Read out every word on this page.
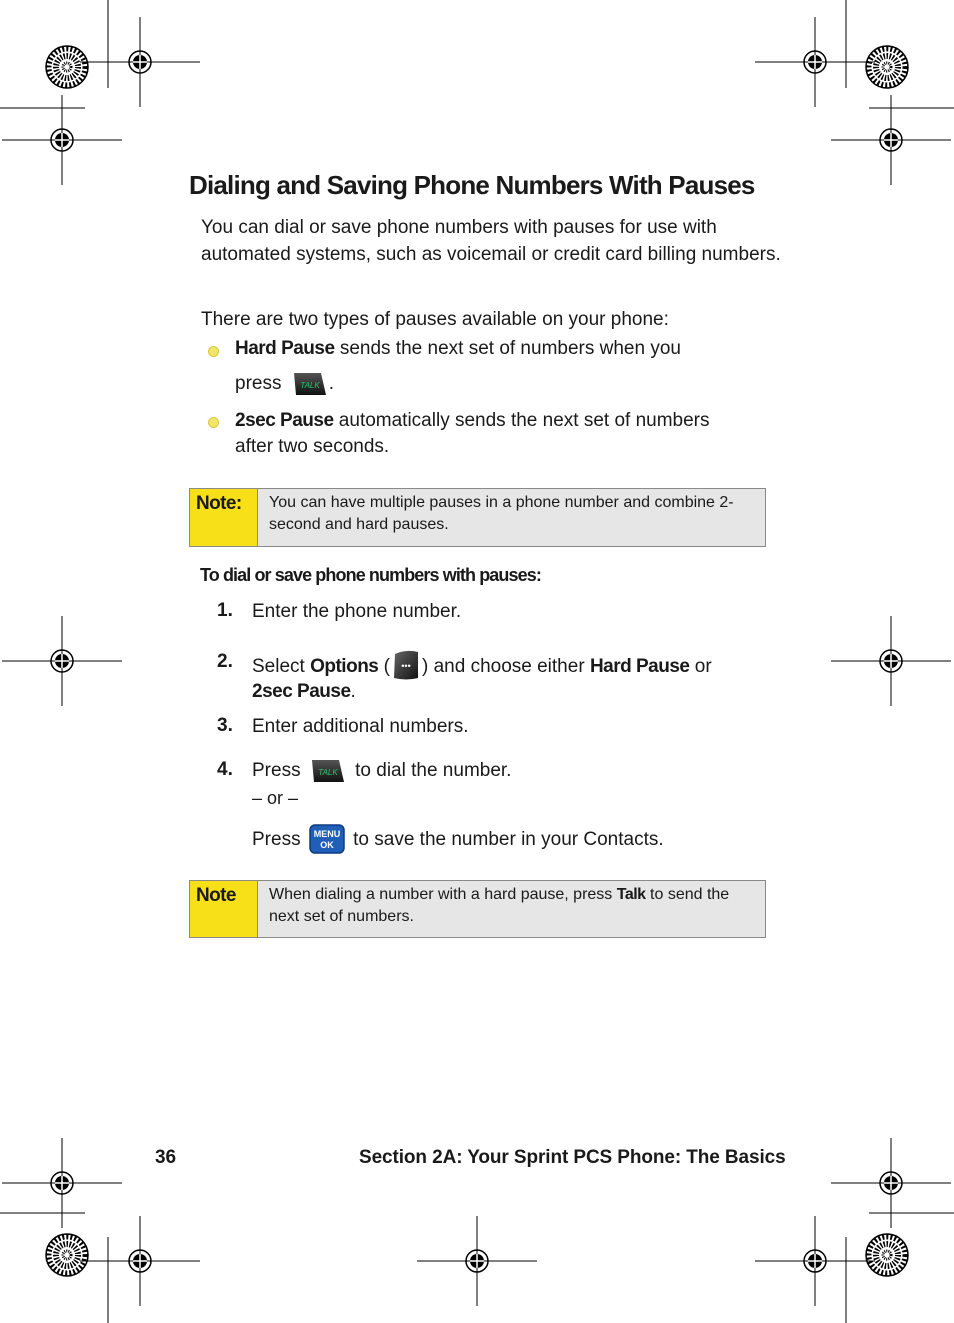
Dialing and Saving Phone Numbers With Pauses
You can dial or save phone numbers with pauses for use with automated systems, such as voicemail or credit card billing numbers.
There are two types of pauses available on your phone:
Hard Pause sends the next set of numbers when you
press TALK .
2sec Pause automatically sends the next set of numbers
after two seconds.
Note:	You can have multiple pauses in a phone number and combine 2-second and hard pauses.
To dial or save phone numbers with pauses:
1. Enter the phone number.
2. Select Options ( ••• ) and choose either Hard Pause or
2sec Pause.
3. Enter additional numbers.
4. Press TALK to dial the number.
– or –
Press MENU
OK to save the number in your Contacts.
Note	When dialing a number with a hard pause, press Talk to send the next set of numbers.
36	Section 2A: Your Sprint PCS Phone: The Basics
